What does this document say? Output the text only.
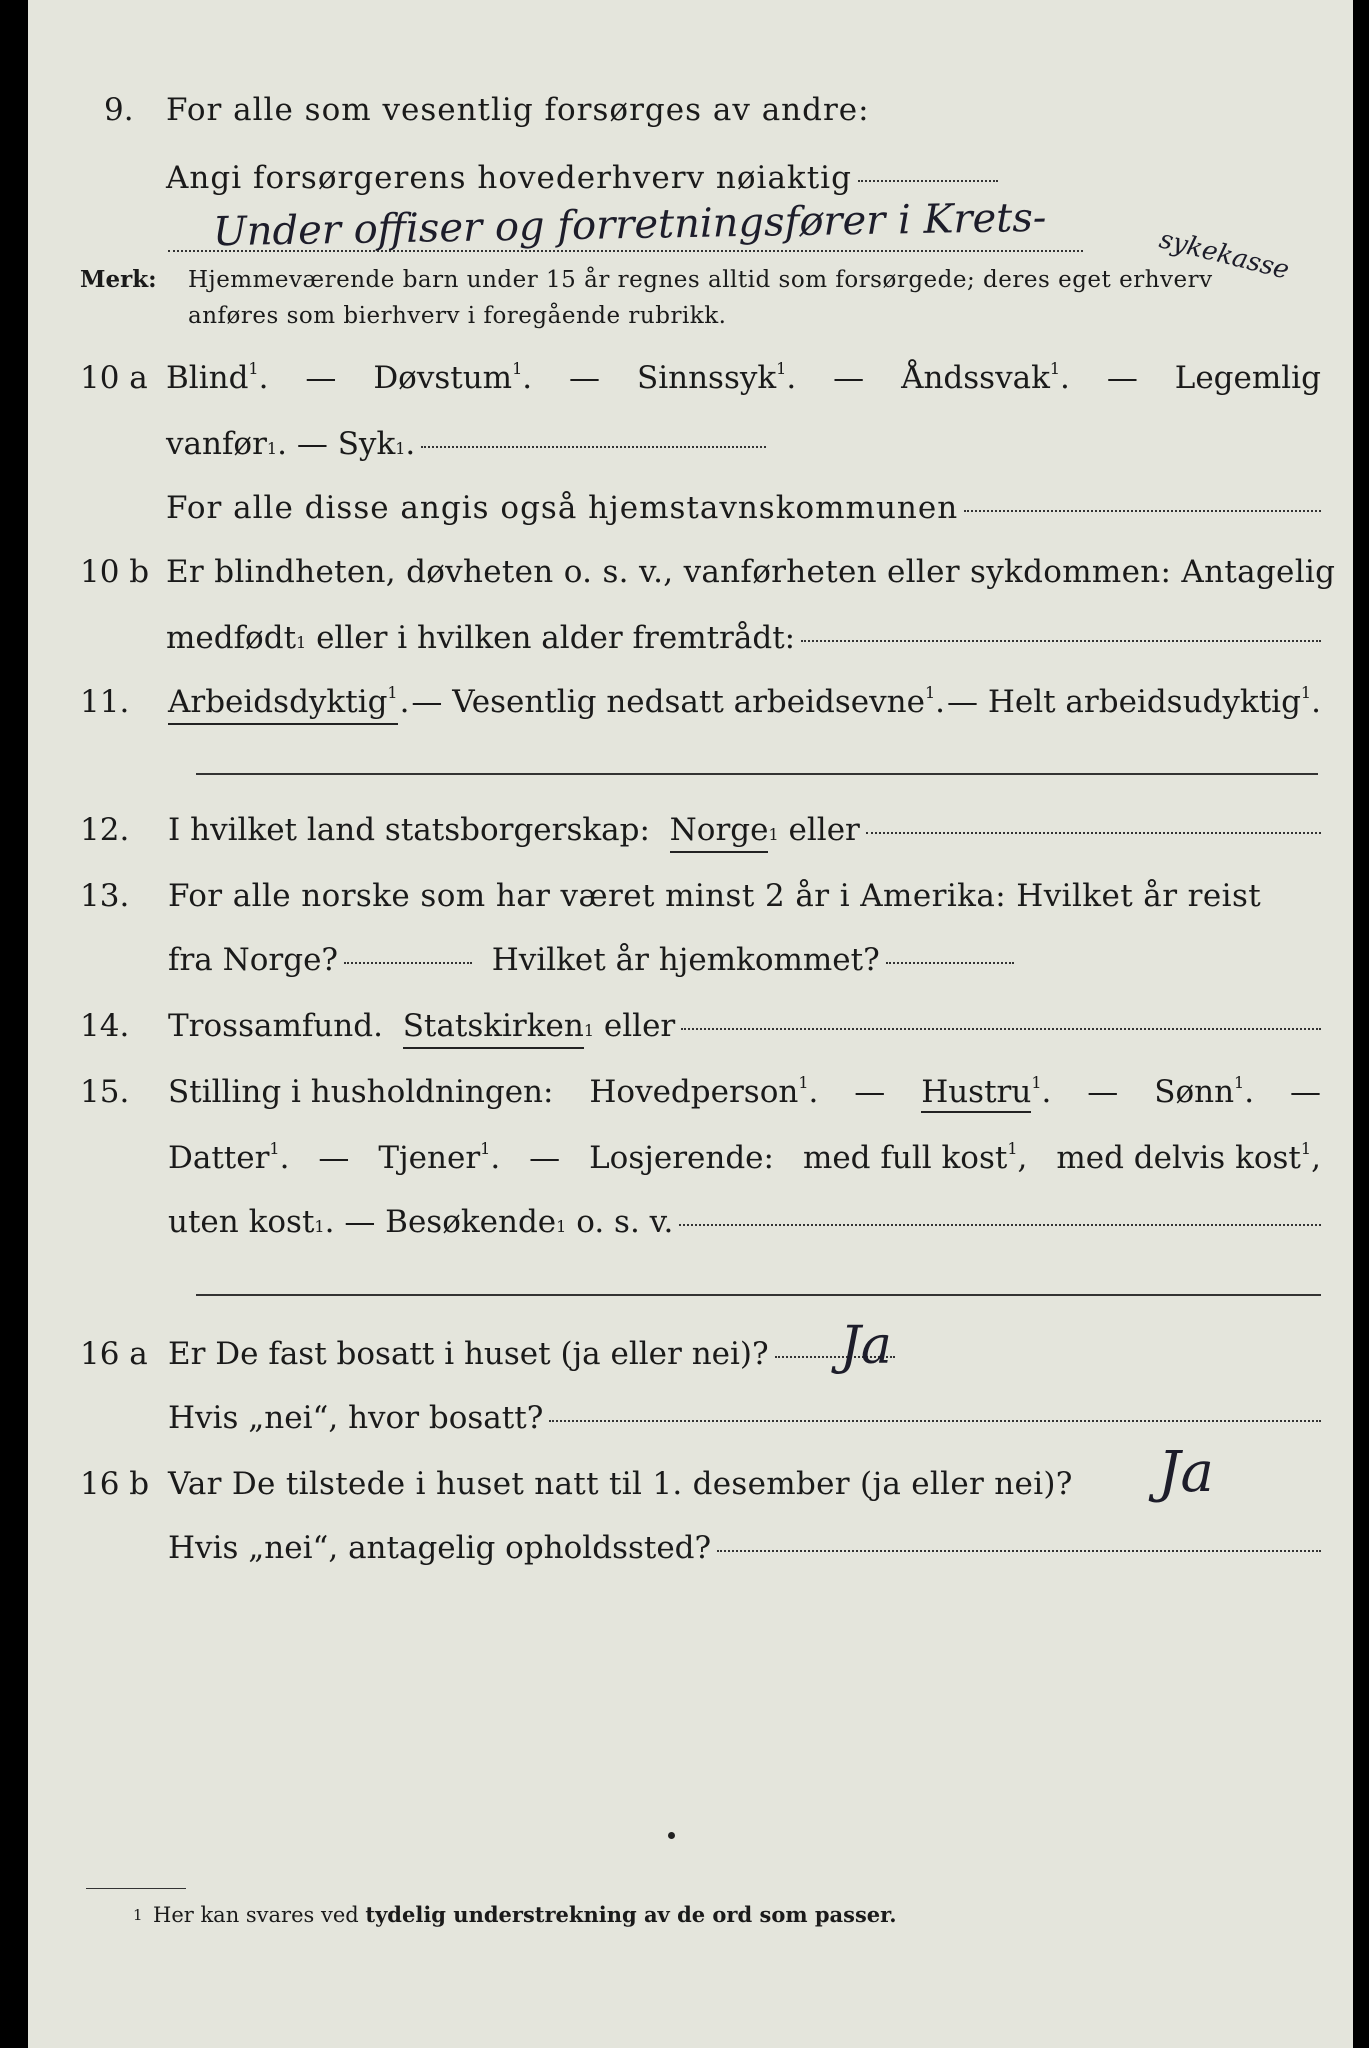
9. For alle som vesentlig forsørges av andre:
Angi forsørgerens hovederhverv nøiaktig
Under offiser og forretningsfører i Krets-	sykekasse
Merk: Hjemmeværende barn under 15 år regnes alltid som forsørgede; deres eget erhverv
anføres som bierhverv i foregående rubrikk.
10 a Blind$^1$. — Døvstum$^1$. — Sinnssyk$^1$. — Åndssvak$^1$. — Legemlig
vanfør 1 . —
Syk 1 .
For alle disse angis også hjemstavnskommunen
10 b Er blindheten, døvheten o. s. v., vanførheten eller sykdommen: Antagelig
medfødt 1
eller i hvilken alder fremtrådt:
11. Arbeidsdyktig$^1$ . — Vesentlig nedsatt arbeidsevne$^1$. — Helt arbeidsudyktig$^1$.
12. I hvilket land statsborgerskap:
Norge 1
eller
13. For alle norske som har været minst 2 år i Amerika: Hvilket år reist
fra Norge?
	Hvilket år hjemkommet?
14. Trossamfund.
Statskirken 1
eller
15. Stilling i husholdningen: Hovedperson$^1$. — Hustru$^1$. — Sønn$^1$. —
Datter$^1$. — Tjener$^1$. — Losjerende: med full kost$^1$, med delvis kost$^1$,
uten kost 1 . —
Besøkende 1
o. s. v.
16 a Er De fast bosatt i huset (ja eller nei)? Ja
Hvis „nei“, hvor bosatt?
16 b Var De tilstede i huset natt til 1. desember (ja eller nei)? Ja
Hvis „nei“, antagelig opholdssted?
1 Her kan svares ved
tydelig understrekning av de ord som passer.
